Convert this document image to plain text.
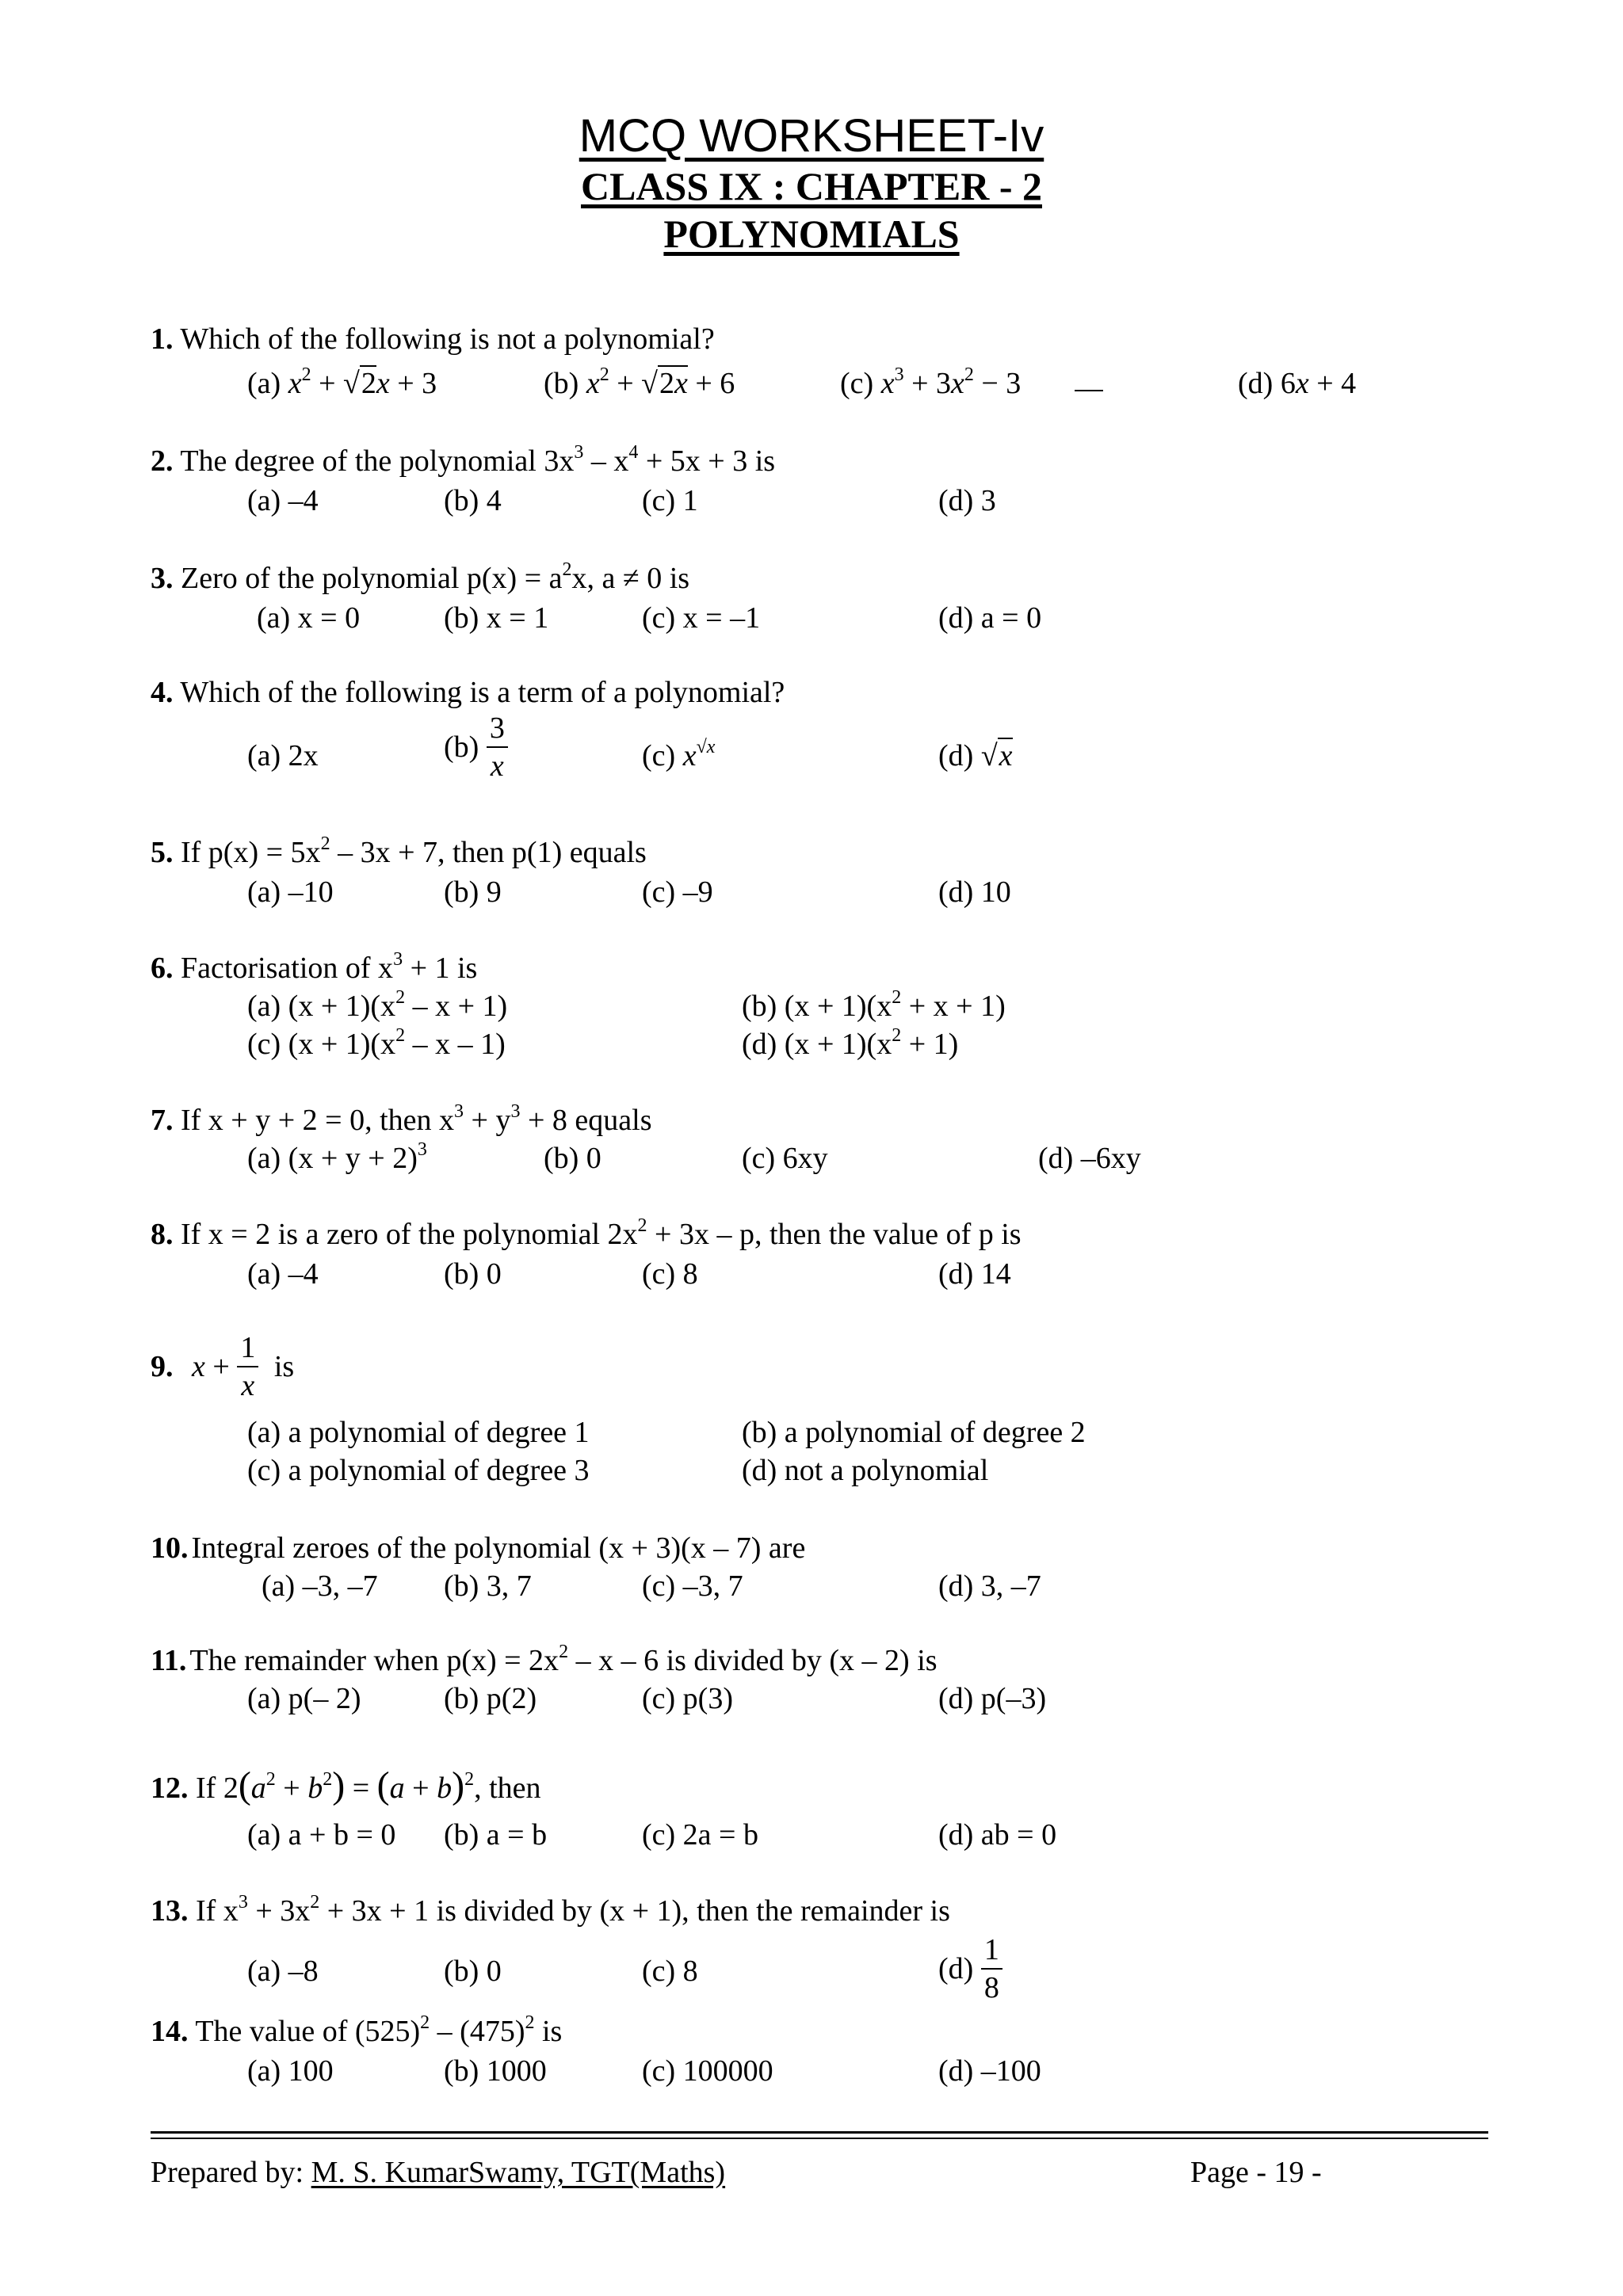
MCQ WORKSHEET-Iv
CLASS IX : CHAPTER - 2
POLYNOMIALS
1. Which of the following is not a polynomial?
(a) $x^2 + √2x + 3$	(b) $x^2 + √2x + 6$	(c) $x^3 + 3x^2 - 3$	(d) 6x + 4
2. The degree of the polynomial $3x^3 - x^4 + 5x + 3$ is
(a) –4	(b) 4	(c) 1	(d) 3
3. Zero of the polynomial $p(x) = a^2x$, a ≠ 0 is
(a) x = 0	(b) x = 1	(c) x = –1	(d) a = 0
4. Which of the following is a term of a polynomial?
(a) 2x	$(b) \frac{3}{x}$	(c) $x^{√x}$	(d) √x
5. If $p(x) = 5x^2 - 3x + 7$, then p(1) equals
(a) –10	(b) 9	(c) –9	(d) 10
6. Factorisation of $x^3 + 1$ is
(a) $(x + 1)(x^2 - x + 1)$	(b) $(x + 1)(x^2 + x + 1)$
(c) $(x + 1)(x^2 - x - 1)$	(d) $(x + 1)(x^2 + 1)$
7. If x + y + 2 = 0, then $x^3 + y^3 + 8$ equals
(a) $(x + y + 2)^3$	(b) 0	(c) 6xy	(d) –6xy
8. If x = 2 is a zero of the polynomial $2x^2 + 3x - p$, then the value of p is
(a) –4	(b) 0	(c) 8	(d) 14
9. $x + \frac{1}{x}$ is
(a) a polynomial of degree 1	(b) a polynomial of degree 2
(c) a polynomial of degree 3	(d) not a polynomial
10. Integral zeroes of the polynomial (x + 3)(x – 7) are
(a) –3, –7 (b) 3, 7	(c) –3, 7	(d) 3, –7
11. The remainder when $p(x) = 2x^2 - x - 6$ is divided by (x – 2) is
(a) p(– 2)	(b) p(2)	(c) p(3)	(d) p(–3)
12. If $2(a^2 + b^2) = (a + b)^2$, then
(a) a + b = 0 (b) a = b	(c) 2a = b	(d) ab = 0
13. If $x^3 + 3x^2 + 3x + 1$ is divided by (x + 1), then the remainder is
(a) –8	(b) 0	(c) 8	$(d) \frac{1}{8}$
14. The value of $(525)^2 - (475)^2$ is
(a) 100	(b) 1000	(c) 100000	(d) –100
Prepared by: M. S. KumarSwamy, TGT(Maths)	Page - 19 -
